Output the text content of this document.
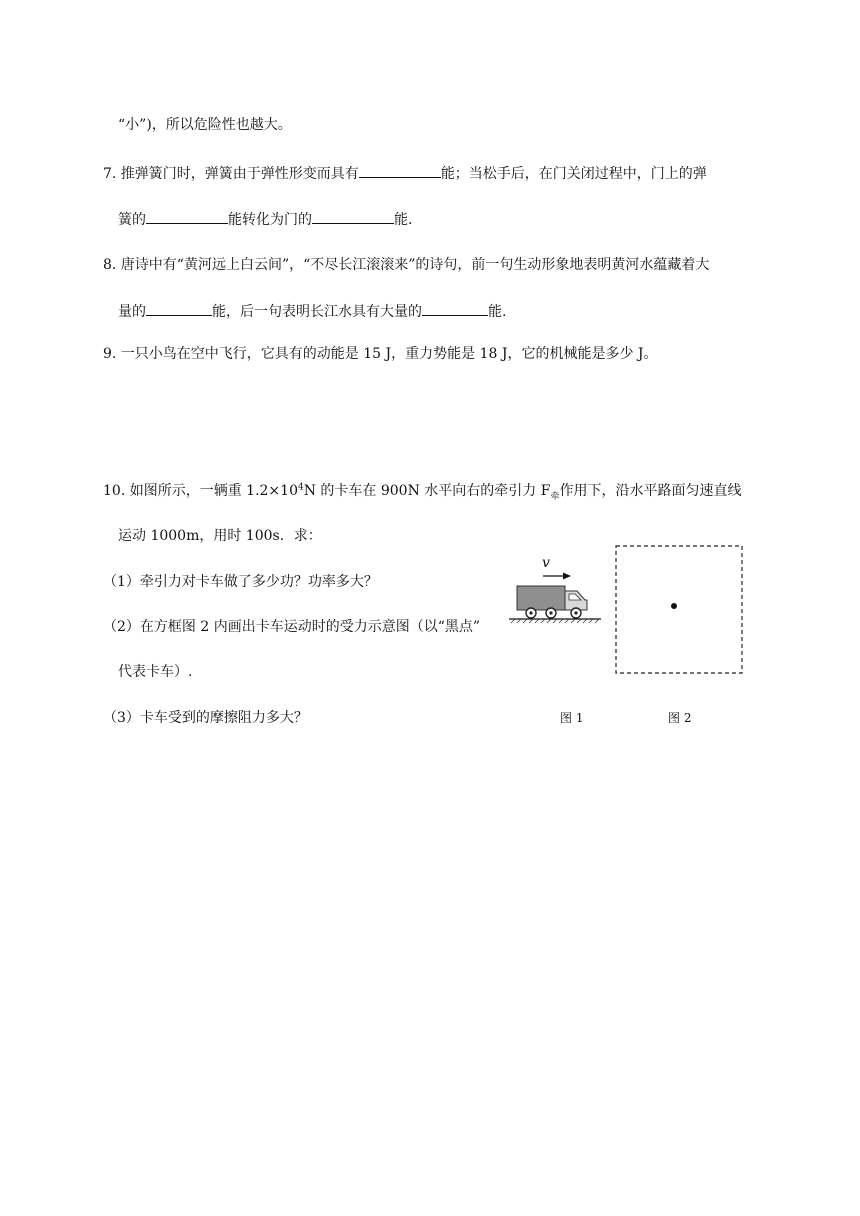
“小”)，所以危险性也越大。
7. 推弹簧门时，弹簧由于弹性形变而具有	能；当松手后，在门关闭过程中，门上的弹
簧的	能转化为门的	能.
8. 唐诗中有“黄河远上白云间”，“不尽长江滚滚来”的诗句，前一句生动形象地表明黄河水蕴藏着大
量的	能，后一句表明长江水具有大量的	能.
9. 一只小鸟在空中飞行，它具有的动能是 15 J，重力势能是 18 J，它的机械能是多少 J。
10. 如图所示，一辆重 $1.2\times 10^4N$ 的卡车在 900N 水平向右的牵引力 $F_牵$作用下，沿水平路面匀速直线
运动 1000m，用时 100s．求：
（1）牵引力对卡车做了多少功？功率多大？
（2）在方框图 2 内画出卡车运动时的受力示意图（以“黑点”
代表卡车）.
（3）卡车受到的摩擦阻力多大？
v
图 1	图 2
